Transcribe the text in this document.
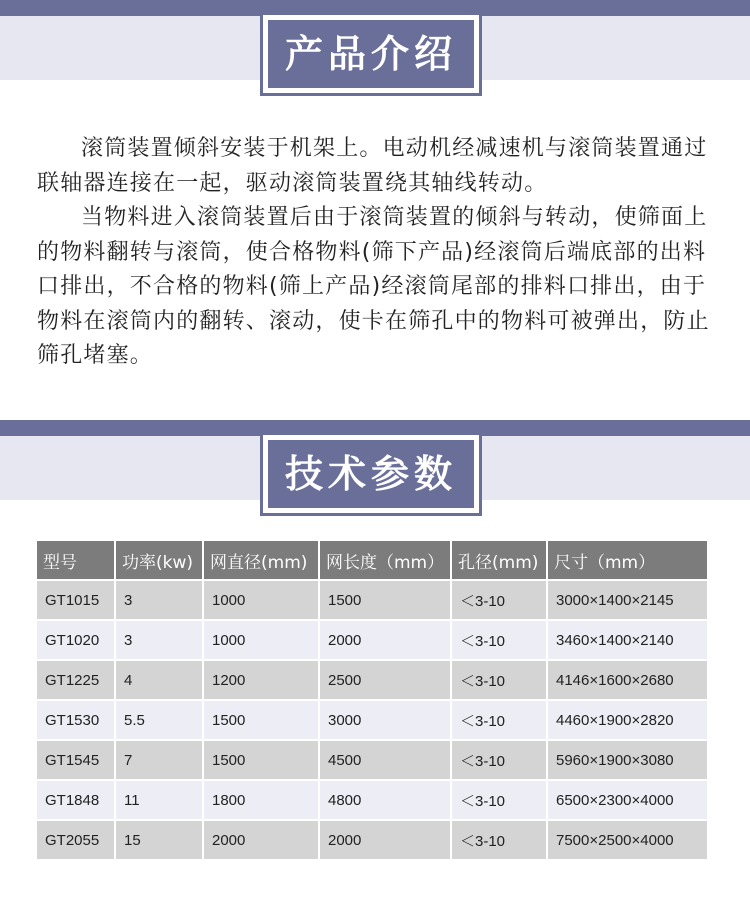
产品介绍

滚筒装置倾斜安装于机架上。电动机经减速机与滚筒装置通过联轴器连接在一起，驱动滚筒装置绕其轴线转动。

当物料进入滚筒装置后由于滚筒装置的倾斜与转动，使筛面上的物料翻转与滚筒，使合格物料(筛下产品)经滚筒后端底部的出料口排出，不合格的物料(筛上产品)经滚筒尾部的排料口排出，由于物料在滚筒内的翻转、滚动，使卡在筛孔中的物料可被弹出，防止筛孔堵塞。

技术参数
型号	功率(kw)	网直径(mm)	网长度（mm）	孔径(mm)	尺寸（mm）
GT1015	3	1000	1500	＜3-10	3000×1400×2145
GT1020	3	1000	2000	＜3-10	3460×1400×2140
GT1225	4	1200	2500	＜3-10	4146×1600×2680
GT1530	5.5	1500	3000	＜3-10	4460×1900×2820
GT1545	7	1500	4500	＜3-10	5960×1900×3080
GT1848	11	1800	4800	＜3-10	6500×2300×4000
GT2055	15	2000	2000	＜3-10	7500×2500×4000
